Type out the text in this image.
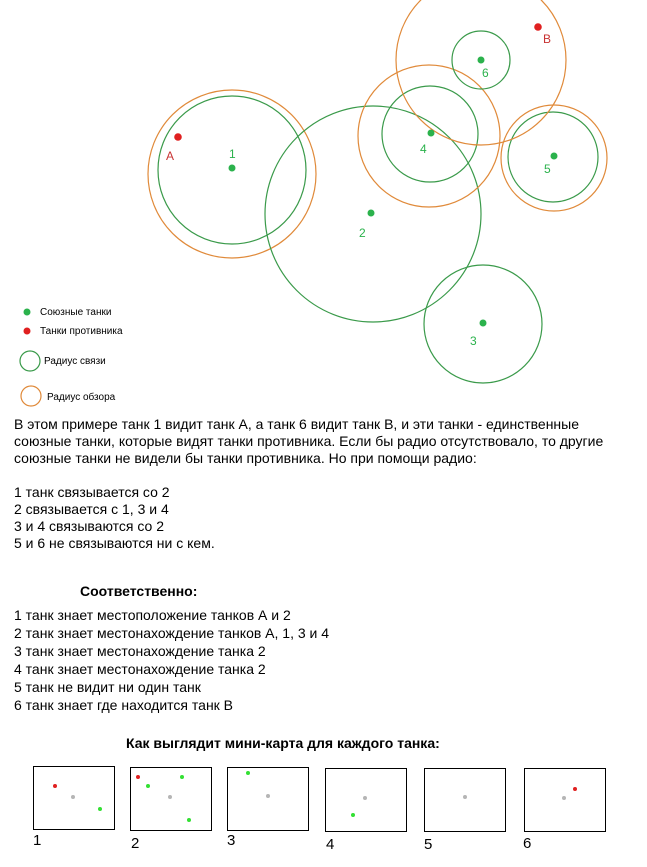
1
2
3
4
5
6
A
B
Союзные танки
Танки противника
Радиус связи
Радиус обзора
В этом примере танк 1 видит танк А, а танк 6 видит танк В, и эти танки - единственные союзные танки, которые видят танки противника. Если бы радио отсутствовало, то другие союзные танки не видели бы танки противника. Но при помощи радио:
1 танк связывается со 2
2 связывается с 1, 3 и 4
3 и 4 связываются со 2
5 и 6 не связываются ни с кем.
Соответственно:
1 танк знает местоположение танков А и 2
2 танк знает местонахождение танков А, 1, 3 и 4
3 танк знает местонахождение танка 2
4 танк знает местонахождение танка 2
5 танк не видит ни один танк
6 танк знает где находится танк В
Как выглядит мини-карта для каждого танка:
1	2	3	4	5	6
